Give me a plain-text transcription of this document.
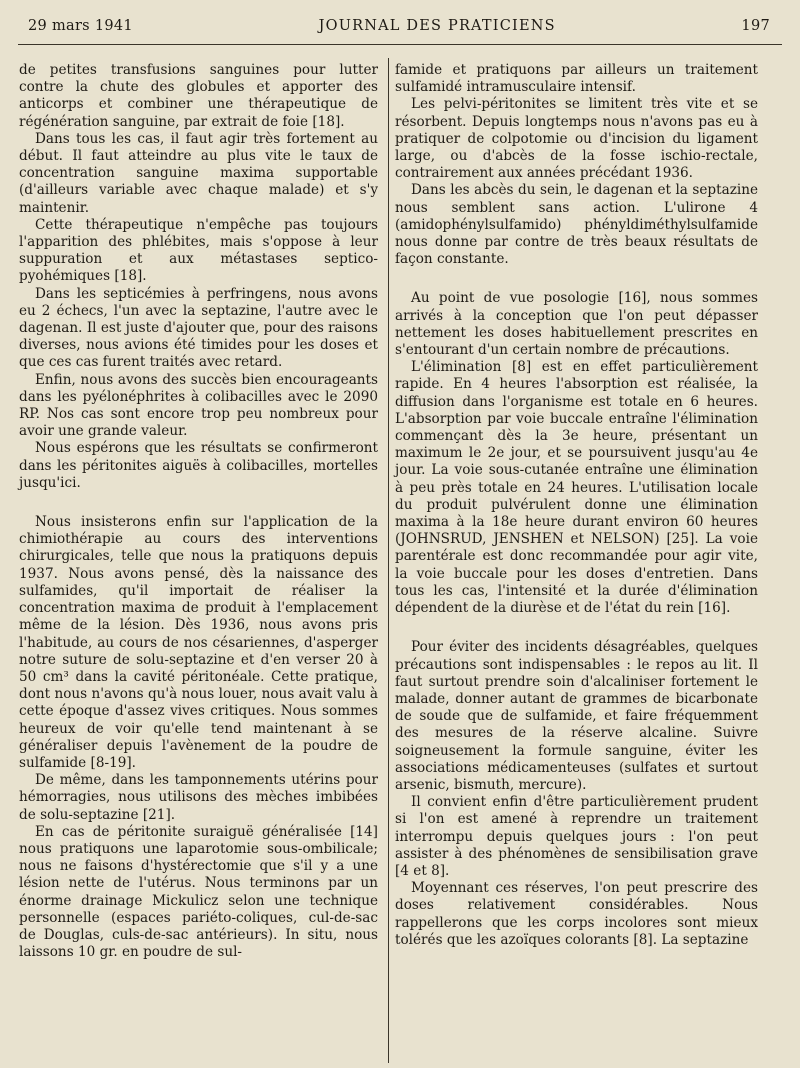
29 mars 1941	JOURNAL DES PRATICIENS	197

de petites transfusions sanguines pour lutter contre la chute des globules et apporter des anticorps et combiner une thérapeutique de régénération sanguine, par extrait de foie [18].

Dans tous les cas, il faut agir très fortement au début. Il faut atteindre au plus vite le taux de concentration sanguine maxima supportable (d'ailleurs variable avec chaque malade) et s'y maintenir.

Cette thérapeutique n'empêche pas toujours l'apparition des phlébites, mais s'oppose à leur suppuration et aux métastases septico-pyohémiques [18].

Dans les septicémies à perfringens, nous avons eu 2 échecs, l'un avec la septazine, l'autre avec le dagenan. Il est juste d'ajouter que, pour des raisons diverses, nous avions été timides pour les doses et que ces cas furent traités avec retard.

Enfin, nous avons des succès bien encourageants dans les pyélonéphrites à colibacilles avec le 2090 RP. Nos cas sont encore trop peu nombreux pour avoir une grande valeur.

Nous espérons que les résultats se confirmeront dans les péritonites aiguës à colibacilles, mortelles jusqu'ici.

Nous insisterons enfin sur l'application de la chimiothérapie au cours des interventions chirurgicales, telle que nous la pratiquons depuis 1937. Nous avons pensé, dès la naissance des sulfamides, qu'il importait de réaliser la concentration maxima de produit à l'emplacement même de la lésion. Dès 1936, nous avons pris l'habitude, au cours de nos césariennes, d'asperger notre suture de solu-septazine et d'en verser 20 à 50 cm³ dans la cavité péritonéale. Cette pratique, dont nous n'avons qu'à nous louer, nous avait valu à cette époque d'assez vives critiques. Nous sommes heureux de voir qu'elle tend maintenant à se généraliser depuis l'avènement de la poudre de sulfamide [8-19].

De même, dans les tamponnements utérins pour hémorragies, nous utilisons des mèches imbibées de solu-septazine [21].

En cas de péritonite suraiguë généralisée [14] nous pratiquons une laparotomie sous-ombilicale; nous ne faisons d'hystérectomie que s'il y a une lésion nette de l'utérus. Nous terminons par un énorme drainage Mickulicz selon une technique personnelle (espaces pariéto-coliques, cul-de-sac de Douglas, culs-de-sac antérieurs). In situ, nous laissons 10 gr. en poudre de sul-

famide et pratiquons par ailleurs un traitement sulfamidé intramusculaire intensif.

Les pelvi-péritonites se limitent très vite et se résorbent. Depuis longtemps nous n'avons pas eu à pratiquer de colpotomie ou d'incision du ligament large, ou d'abcès de la fosse ischio-rectale, contrairement aux années précédant 1936.

Dans les abcès du sein, le dagenan et la septazine nous semblent sans action. L'ulirone 4 (amidophénylsulfamido) phényldiméthylsulfamide nous donne par contre de très beaux résultats de façon constante.

Au point de vue posologie [16], nous sommes arrivés à la conception que l'on peut dépasser nettement les doses habituellement prescrites en s'entourant d'un certain nombre de précautions.

L'élimination [8] est en effet particulièrement rapide. En 4 heures l'absorption est réalisée, la diffusion dans l'organisme est totale en 6 heures. L'absorption par voie buccale entraîne l'élimination commençant dès la 3e heure, présentant un maximum le 2e jour, et se poursuivent jusqu'au 4e jour. La voie sous-cutanée entraîne une élimination à peu près totale en 24 heures. L'utilisation locale du produit pulvérulent donne une élimination maxima à la 18e heure durant environ 60 heures (JOHNSRUD, JENSHEN et NELSON) [25]. La voie parentérale est donc recommandée pour agir vite, la voie buccale pour les doses d'entretien. Dans tous les cas, l'intensité et la durée d'élimination dépendent de la diurèse et de l'état du rein [16].

Pour éviter des incidents désagréables, quelques précautions sont indispensables : le repos au lit. Il faut surtout prendre soin d'alcaliniser fortement le malade, donner autant de grammes de bicarbonate de soude que de sulfamide, et faire fréquemment des mesures de la réserve alcaline. Suivre soigneusement la formule sanguine, éviter les associations médicamenteuses (sulfates et surtout arsenic, bismuth, mercure).

Il convient enfin d'être particulièrement prudent si l'on est amené à reprendre un traitement interrompu depuis quelques jours : l'on peut assister à des phénomènes de sensibilisation grave [4 et 8].

Moyennant ces réserves, l'on peut prescrire des doses relativement considérables. Nous rappellerons que les corps incolores sont mieux tolérés que les azoïques colorants [8]. La septazine
